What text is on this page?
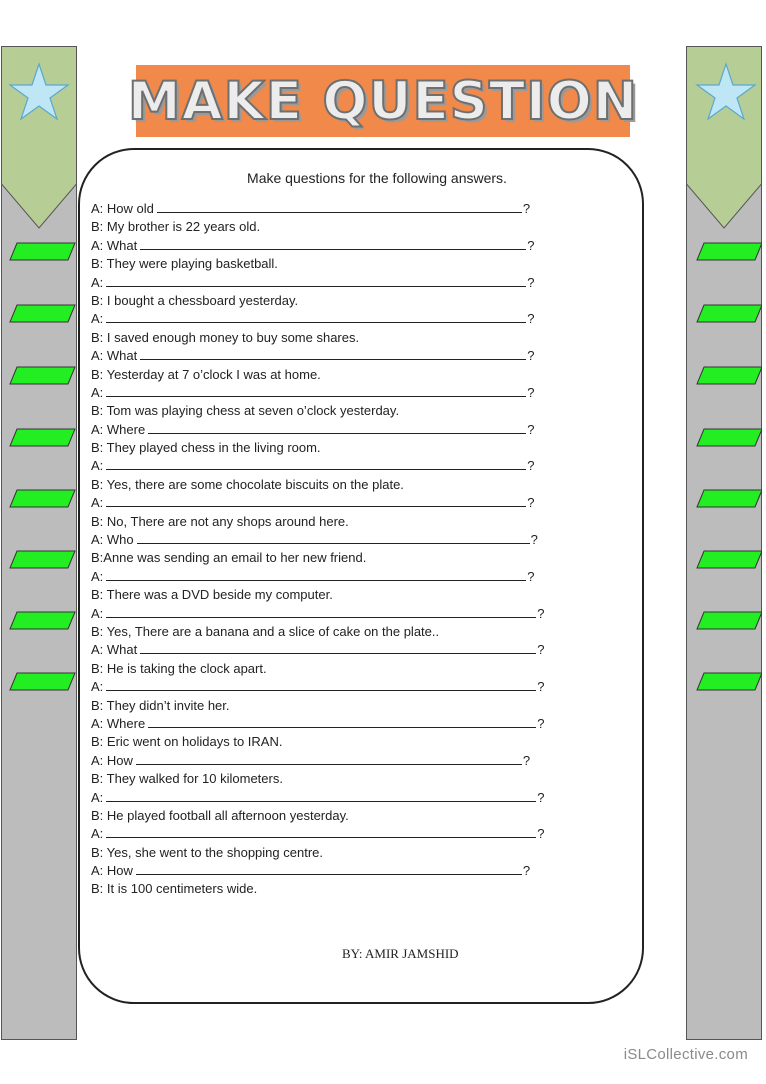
MAKE QUESTION
Make questions for the following answers.
A: How old	?
B: My brother is 22 years old.
A: What	?
B: They were playing basketball.
A:	?
B: I bought a chessboard yesterday.
A:	?
B: I saved enough money to buy some shares.
A: What	?
B: Yesterday at 7 o’clock I was at home.
A:	?
B: Tom was playing chess at seven o’clock yesterday.
A: Where	?
B: They played chess in the living room.
A:	?
B: Yes, there are some chocolate biscuits on the plate.
A:	?
B: No, There are not any shops around here.
A: Who	?
B:Anne was sending an email to her new friend.
A:	?
B: There was a DVD beside my computer.
A:	?
B: Yes, There are a banana and a slice of cake on the plate..
A: What	?
B: He is taking the clock apart.
A:	?
B: They didn’t invite her.
A: Where	?
B: Eric went on holidays to IRAN.
A: How	?
B: They walked for 10 kilometers.
A:	?
B: He played football all afternoon yesterday.
A:	?
B: Yes, she went to the shopping centre.
A: How	?
B: It is 100 centimeters wide.
BY: AMIR JAMSHID
iSLCollective.com
